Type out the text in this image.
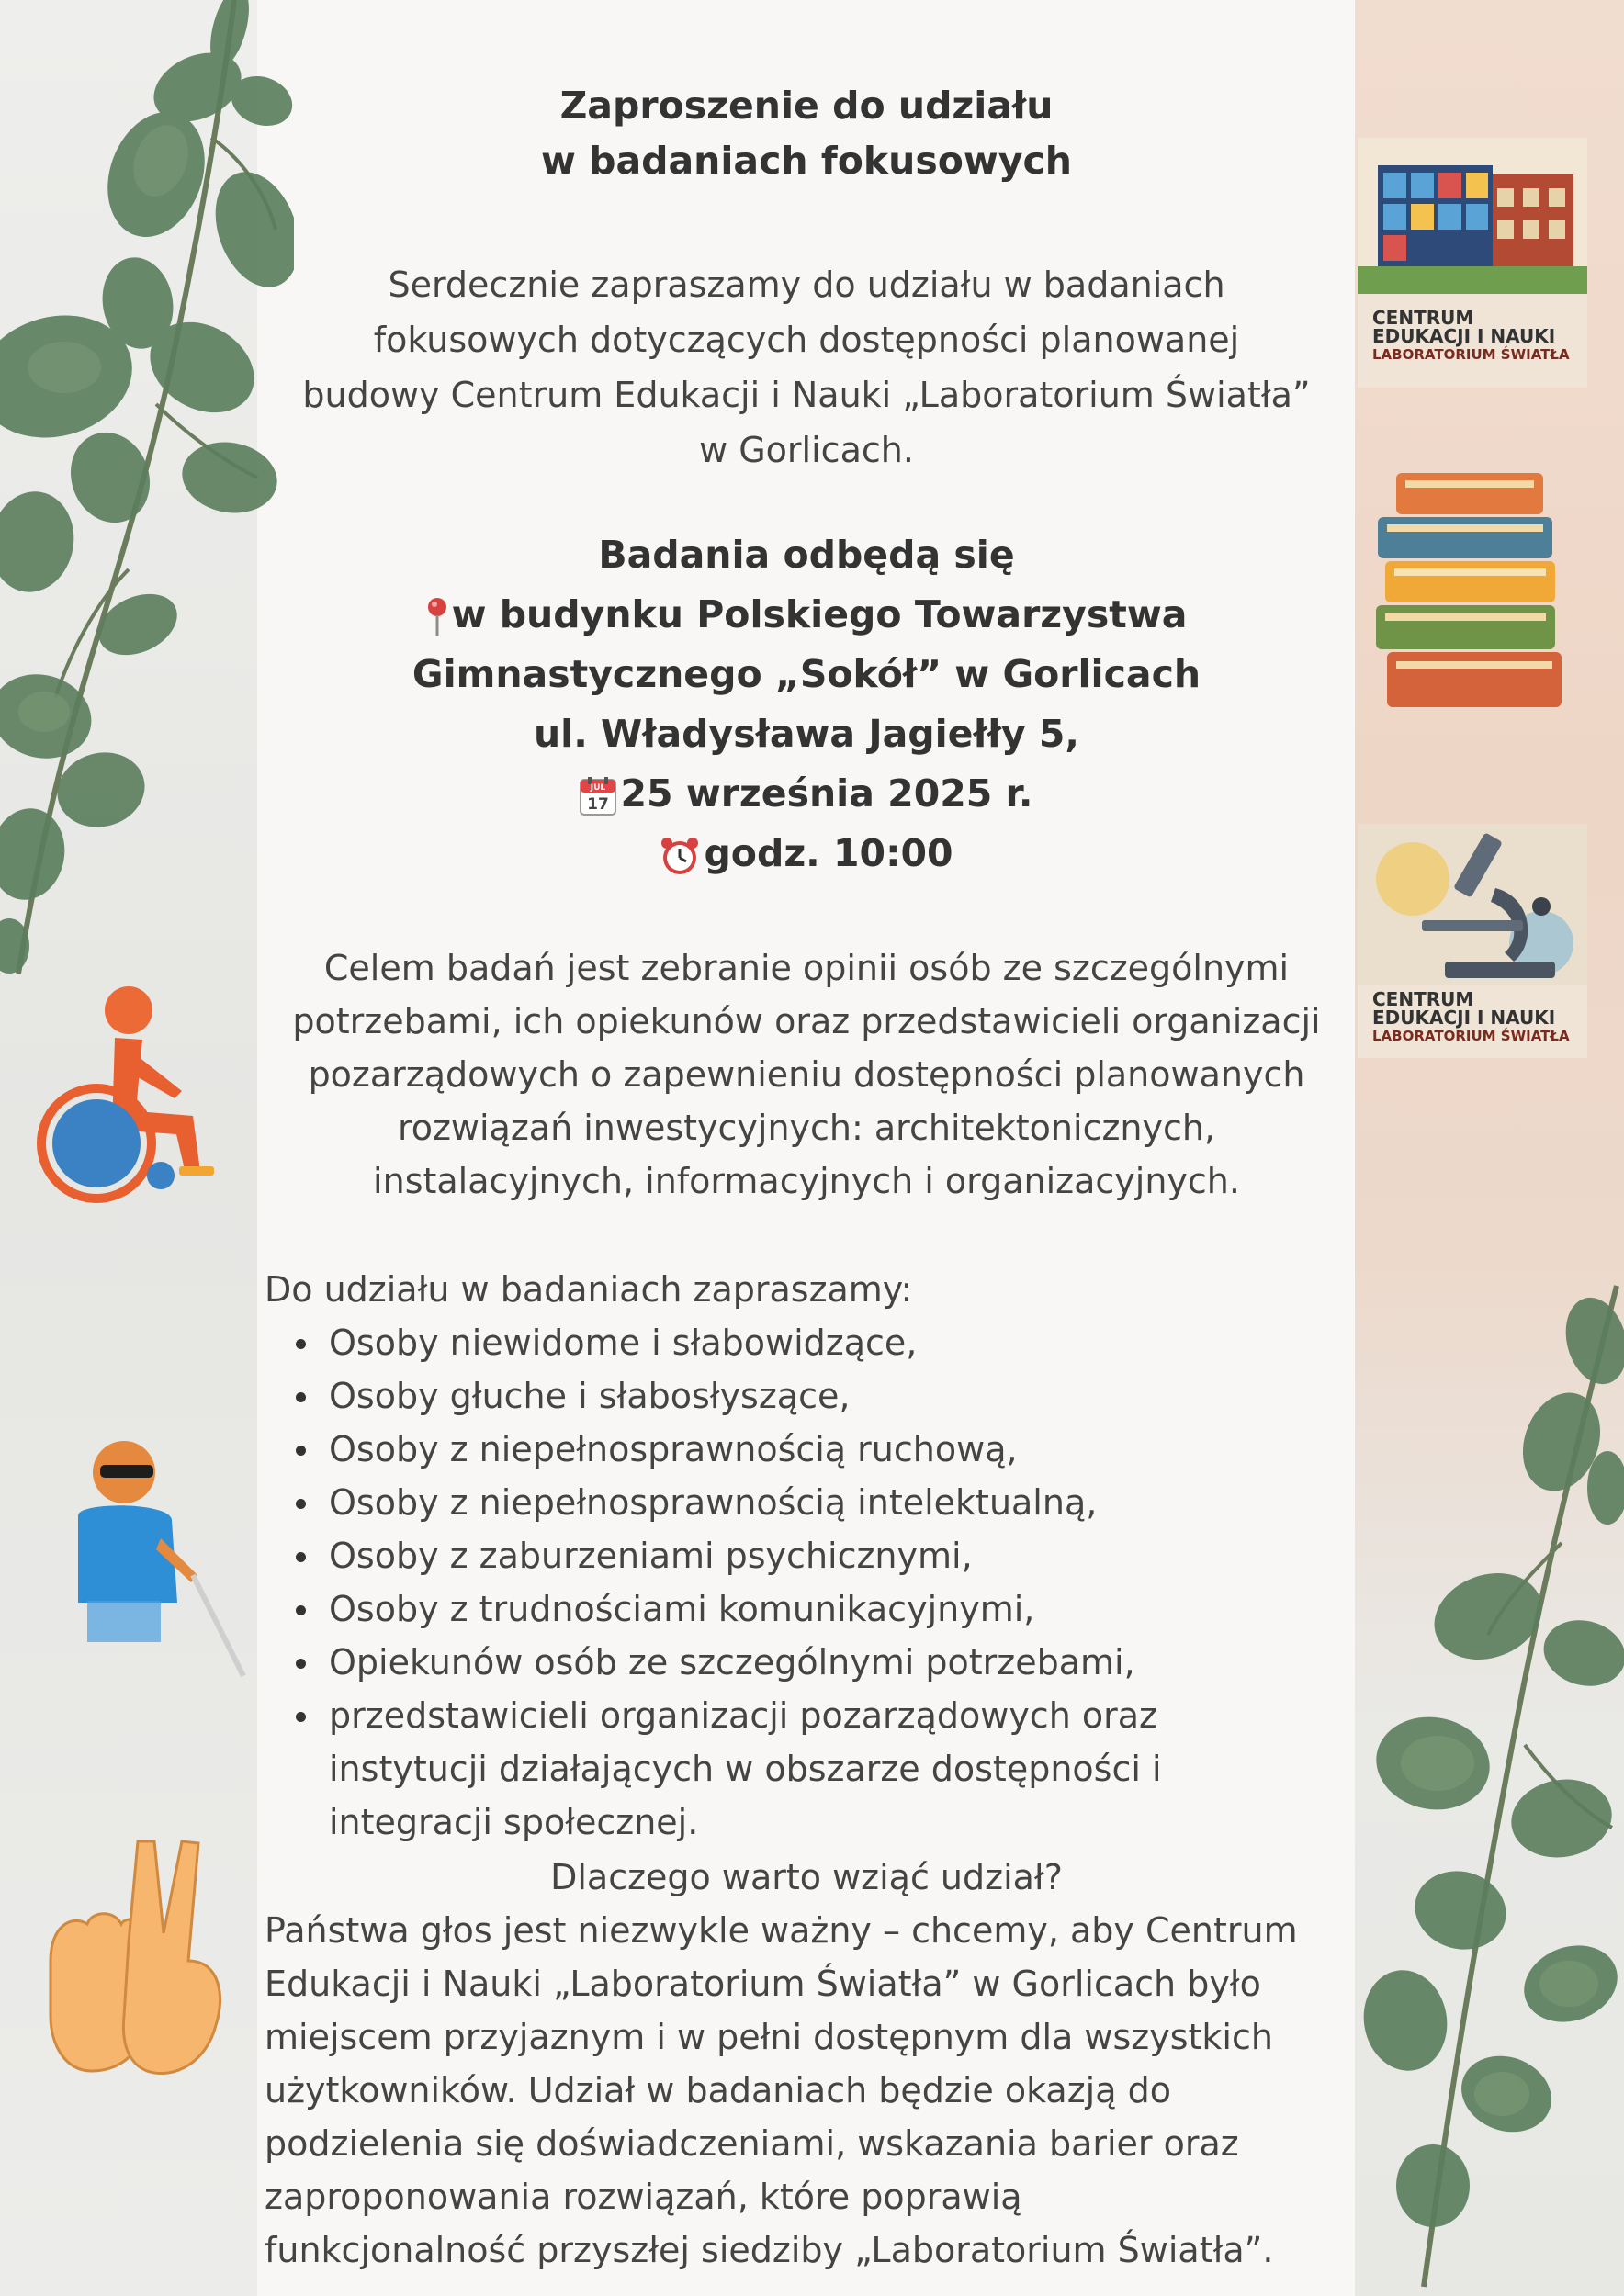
CENTRUM
EDUKACJI I NAUKI
LABORATORIUM ŚWIATŁA
CENTRUM
EDUKACJI I NAUKI
LABORATORIUM ŚWIATŁA
Zaproszenie do udziału
w badaniach fokusowych
Serdecznie zapraszamy do udziału w badaniach
fokusowych dotyczących dostępności planowanej
budowy Centrum Edukacji i Nauki „Laboratorium Światła”
w Gorlicach.
Badania odbędą się
w budynku Polskiego Towarzystwa
Gimnastycznego „Sokół” w Gorlicach
ul. Władysława Jagiełły 5,
JUL
17 25 września 2025 r.
godz. 10:00
Celem badań jest zebranie opinii osób ze szczególnymi
potrzebami, ich opiekunów oraz przedstawicieli organizacji
pozarządowych o zapewnieniu dostępności planowanych
rozwiązań inwestycyjnych: architektonicznych,
instalacyjnych, informacyjnych i organizacyjnych.
Do udziału w badaniach zapraszamy:
Osoby niewidome i słabowidzące,
Osoby głuche i słabosłyszące,
Osoby z niepełnosprawnością ruchową,
Osoby z niepełnosprawnością intelektualną,
Osoby z zaburzeniami psychicznymi,
Osoby z trudnościami komunikacyjnymi,
Opiekunów osób ze szczególnymi potrzebami,
przedstawicieli organizacji pozarządowych oraz
instytucji działających w obszarze dostępności i
integracji społecznej.
Dlaczego warto wziąć udział?
Państwa głos jest niezwykle ważny – chcemy, aby Centrum
Edukacji i Nauki „Laboratorium Światła” w Gorlicach było
miejscem przyjaznym i w pełni dostępnym dla wszystkich
użytkowników. Udział w badaniach będzie okazją do
podzielenia się doświadczeniami, wskazania barier oraz
zaproponowania rozwiązań, które poprawią
funkcjonalność przyszłej siedziby „Laboratorium Światła”.
